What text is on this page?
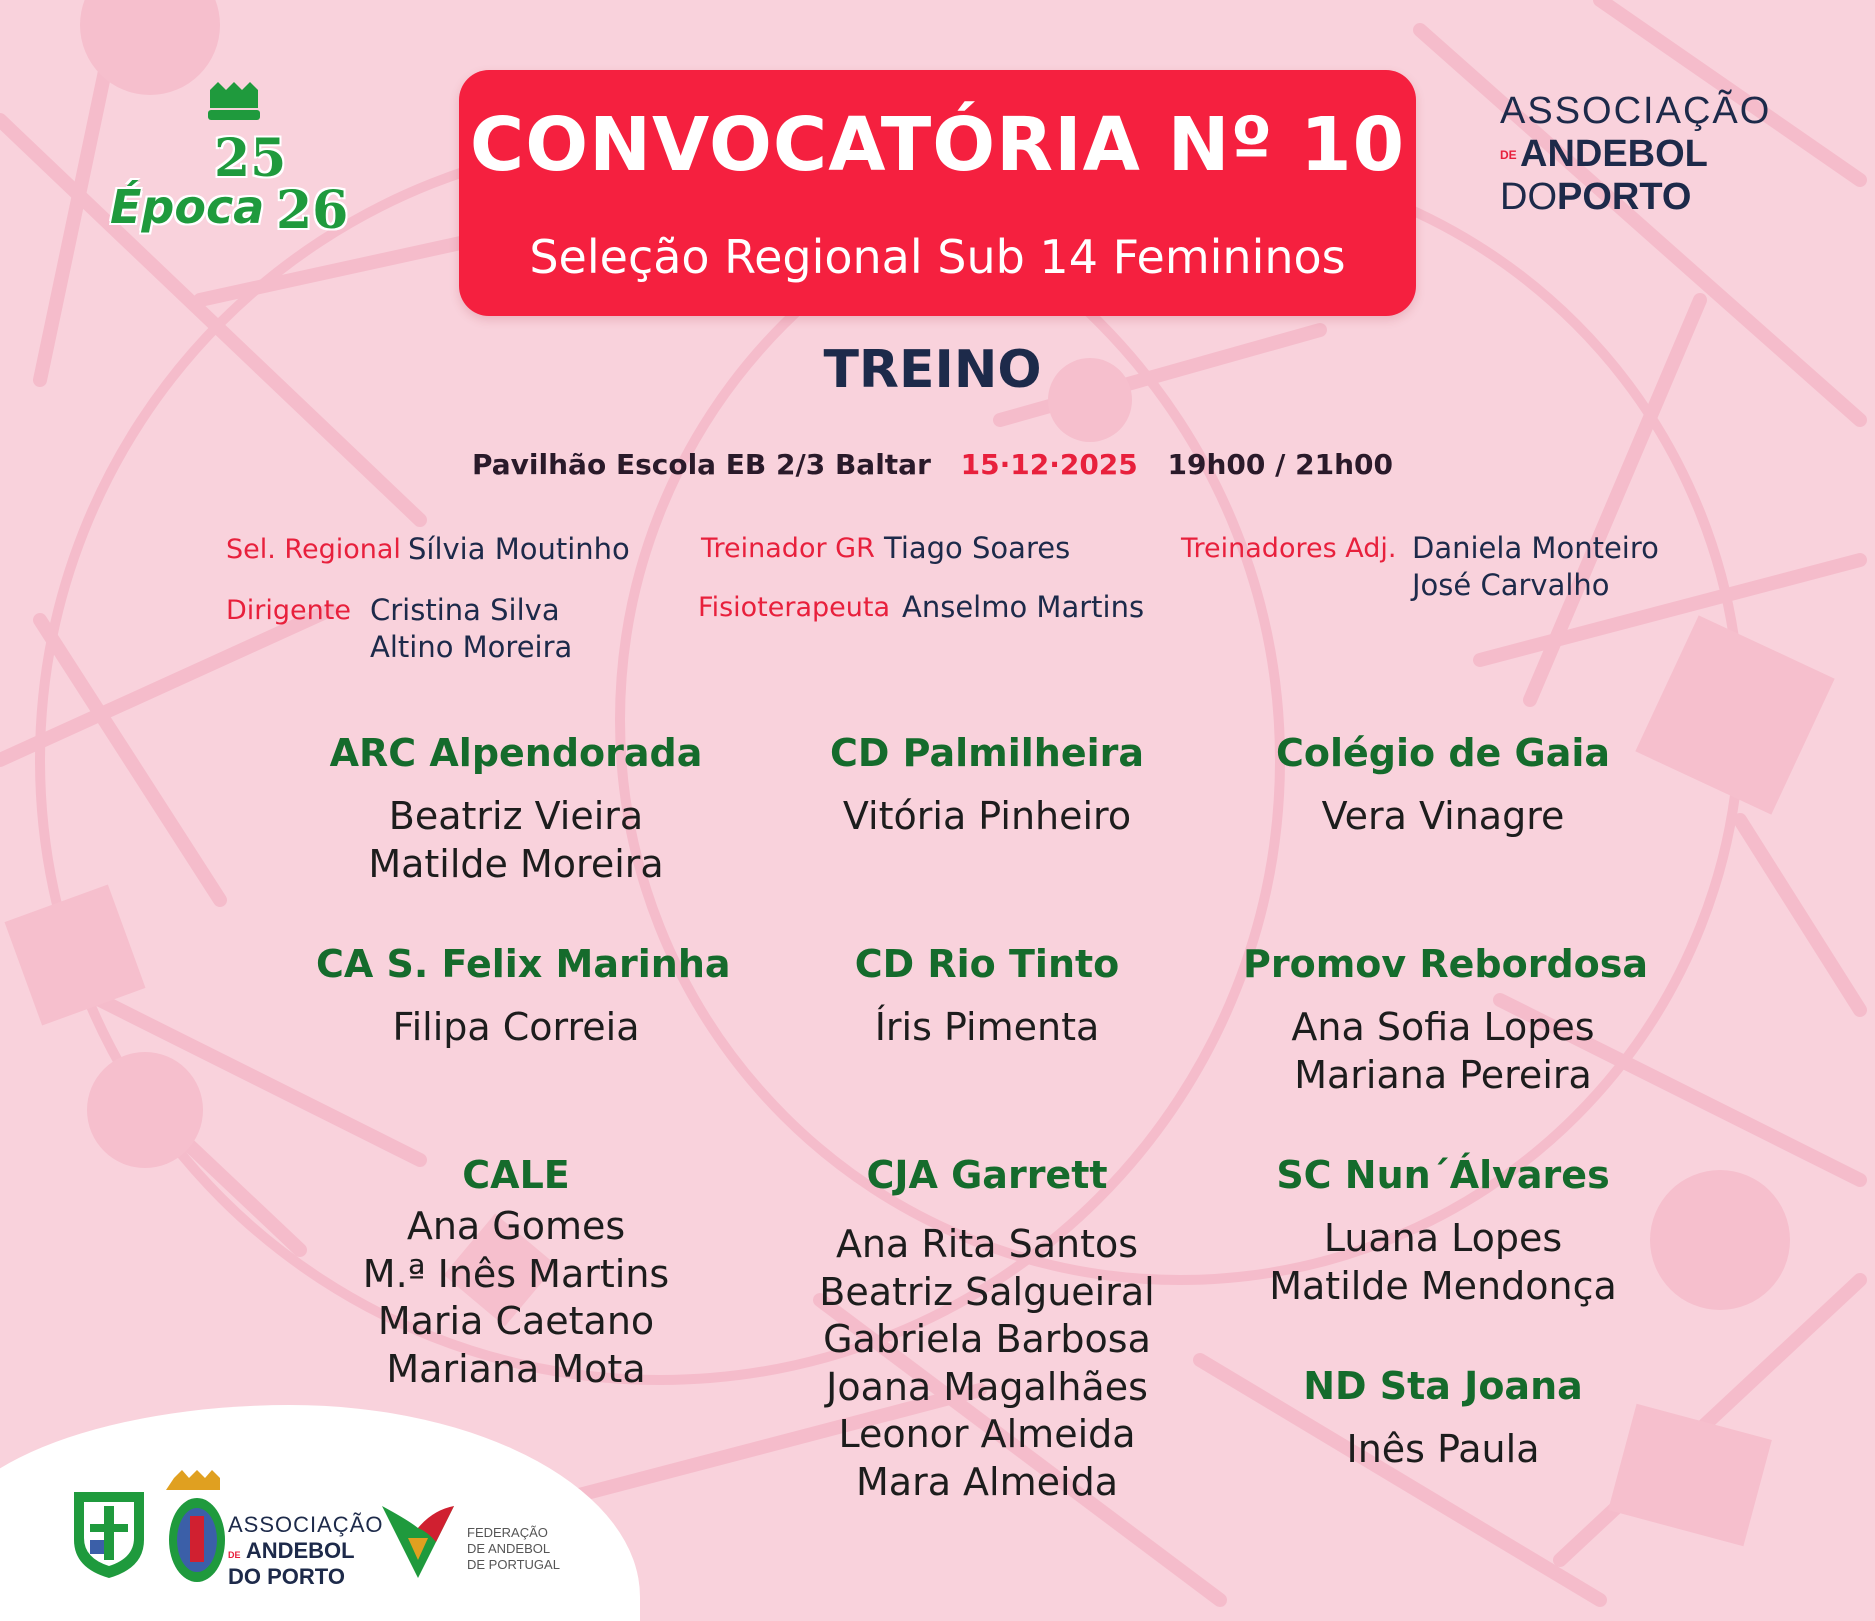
25
Época 26
CONVOCATÓRIA Nº 10
Seleção Regional Sub 14 Femininos
ASSOCIAÇÃO
DEANDEBOL
DOPORTO
TREINO
Pavilhão Escola EB 2/3 Baltar 15·12·2025 19h00 / 21h00
Sel. Regional Sílvia Moutinho
Dirigente Cristina Silva
Altino Moreira
Treinador GR Tiago Soares
Fisioterapeuta Anselmo Martins
Treinadores Adj. Daniela Monteiro
José Carvalho
ARC Alpendorada
Beatriz Vieira
Matilde Moreira
CA S. Felix Marinha
Filipa Correia
CALE
Ana Gomes
M.ª Inês Martins
Maria Caetano
Mariana Mota
CD Palmilheira
Vitória Pinheiro
CD Rio Tinto
Íris Pimenta
CJA Garrett
Ana Rita Santos
Beatriz Salgueiral
Gabriela Barbosa
Joana Magalhães
Leonor Almeida
Mara Almeida
Colégio de Gaia
Vera Vinagre
Promov Rebordosa
Ana Sofia Lopes
Mariana Pereira
SC Nun´Álvares
Luana Lopes
Matilde Mendonça
ND Sta Joana
Inês Paula
ASSOCIAÇÃO
DE ANDEBOL
DO PORTO
FEDERAÇÃO
DE ANDEBOL
DE PORTUGAL
